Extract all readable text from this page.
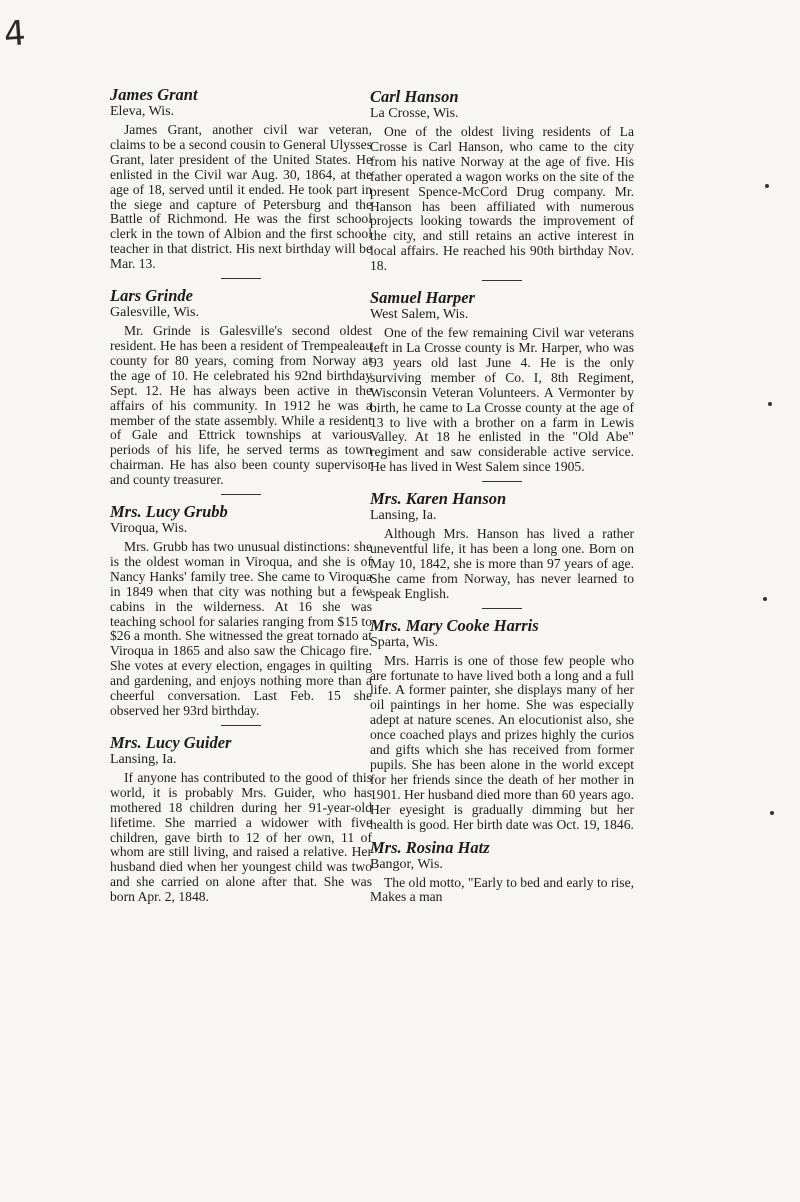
4

James Grant

Eleva, Wis.

James Grant, another civil war veteran, claims to be a second cousin to General Ulysses Grant, later president of the United States. He enlisted in the Civil war Aug. 30, 1864, at the age of 18, served until it ended. He took part in the siege and capture of Petersburg and the Battle of Richmond. He was the first school clerk in the town of Albion and the first school teacher in that district. His next birthday will be Mar. 13.

Lars Grinde

Galesville, Wis.

Mr. Grinde is Galesville's second oldest resident. He has been a resident of Trempealeau county for 80 years, coming from Norway at the age of 10. He celebrated his 92nd birthday Sept. 12. He has always been active in the affairs of his community. In 1912 he was a member of the state assembly. While a resident of Gale and Ettrick townships at various periods of his life, he served terms as town chairman. He has also been county supervisor and county treasurer.

Mrs. Lucy Grubb

Viroqua, Wis.

Mrs. Grubb has two unusual distinctions: she is the oldest woman in Viroqua, and she is of Nancy Hanks' family tree. She came to Viroqua in 1849 when that city was nothing but a few cabins in the wilderness. At 16 she was teaching school for salaries ranging from $15 to $26 a month. She witnessed the great tornado at Viroqua in 1865 and also saw the Chicago fire. She votes at every election, engages in quilting and gardening, and enjoys nothing more than a cheerful conversation. Last Feb. 15 she observed her 93rd birthday.

Mrs. Lucy Guider

Lansing, Ia.

If anyone has contributed to the good of this world, it is probably Mrs. Guider, who has mothered 18 children during her 91-year-old lifetime. She married a widower with five children, gave birth to 12 of her own, 11 of whom are still living, and raised a relative. Her husband died when her youngest child was two and she carried on alone after that. She was born Apr. 2, 1848.

Carl Hanson

La Crosse, Wis.

One of the oldest living residents of La Crosse is Carl Hanson, who came to the city from his native Norway at the age of five. His father operated a wagon works on the site of the present Spence-McCord Drug company. Mr. Hanson has been affiliated with numerous projects looking towards the improvement of the city, and still retains an active interest in local affairs. He reached his 90th birthday Nov. 18.

Samuel Harper

West Salem, Wis.

One of the few remaining Civil war veterans left in La Crosse county is Mr. Harper, who was 93 years old last June 4. He is the only surviving member of Co. I, 8th Regiment, Wisconsin Veteran Volunteers. A Vermonter by birth, he came to La Crosse county at the age of 13 to live with a brother on a farm in Lewis Valley. At 18 he enlisted in the "Old Abe" regiment and saw considerable active service. He has lived in West Salem since 1905.

Mrs. Karen Hanson

Lansing, Ia.

Although Mrs. Hanson has lived a rather uneventful life, it has been a long one. Born on May 10, 1842, she is more than 97 years of age. She came from Norway, has never learned to speak English.

Mrs. Mary Cooke Harris

Sparta, Wis.

Mrs. Harris is one of those few people who are fortunate to have lived both a long and a full life. A former painter, she displays many of her oil paintings in her home. She was especially adept at nature scenes. An elocutionist also, she once coached plays and prizes highly the curios and gifts which she has received from former pupils. She has been alone in the world except for her friends since the death of her mother in 1901. Her husband died more than 60 years ago. Her eyesight is gradually dimming but her health is good. Her birth date was Oct. 19, 1846.

Mrs. Rosina Hatz

Bangor, Wis.

The old motto, "Early to bed and early to rise, Makes a man
